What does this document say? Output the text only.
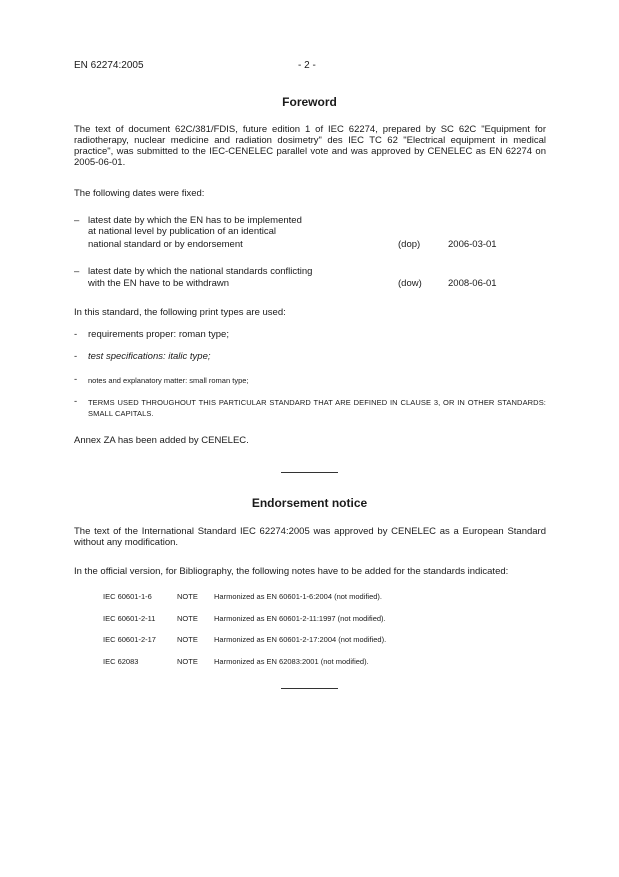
EN 62274:2005	- 2 -
Foreword
The text of document 62C/381/FDIS, future edition 1 of IEC 62274, prepared by SC 62C "Equipment for radiotherapy, nuclear medicine and radiation dosimetry" des IEC TC 62 "Electrical equipment in medical practice", was submitted to the IEC-CENELEC parallel vote and was approved by CENELEC as EN 62274 on 2005-06-01.
The following dates were fixed:
– latest date by which the EN has to be implemented
at national level by publication of an identical
national standard or by endorsement	(dop)	2006-03-01
– latest date by which the national standards conflicting
with the EN have to be withdrawn	(dow)	2008-06-01
In this standard, the following print types are used:
- requirements proper: roman type;
- test specifications: italic type;
- notes and explanatory matter: small roman type;
- TERMS USED THROUGHOUT THIS PARTICULAR STANDARD THAT ARE DEFINED IN CLAUSE 3, OR IN OTHER STANDARDS: SMALL CAPITALS.
Annex ZA has been added by CENELEC.
Endorsement notice
The text of the International Standard IEC 62274:2005 was approved by CENELEC as a European Standard without any modification.
In the official version, for Bibliography, the following notes have to be added for the standards indicated:
IEC 60601-1-6	NOTE Harmonized as EN 60601-1-6:2004 (not modified).
IEC 60601-2-11	NOTE Harmonized as EN 60601-2-11:1997 (not modified).
IEC 60601-2-17	NOTE Harmonized as EN 60601-2-17:2004 (not modified).
IEC 62083	NOTE Harmonized as EN 62083:2001 (not modified).
